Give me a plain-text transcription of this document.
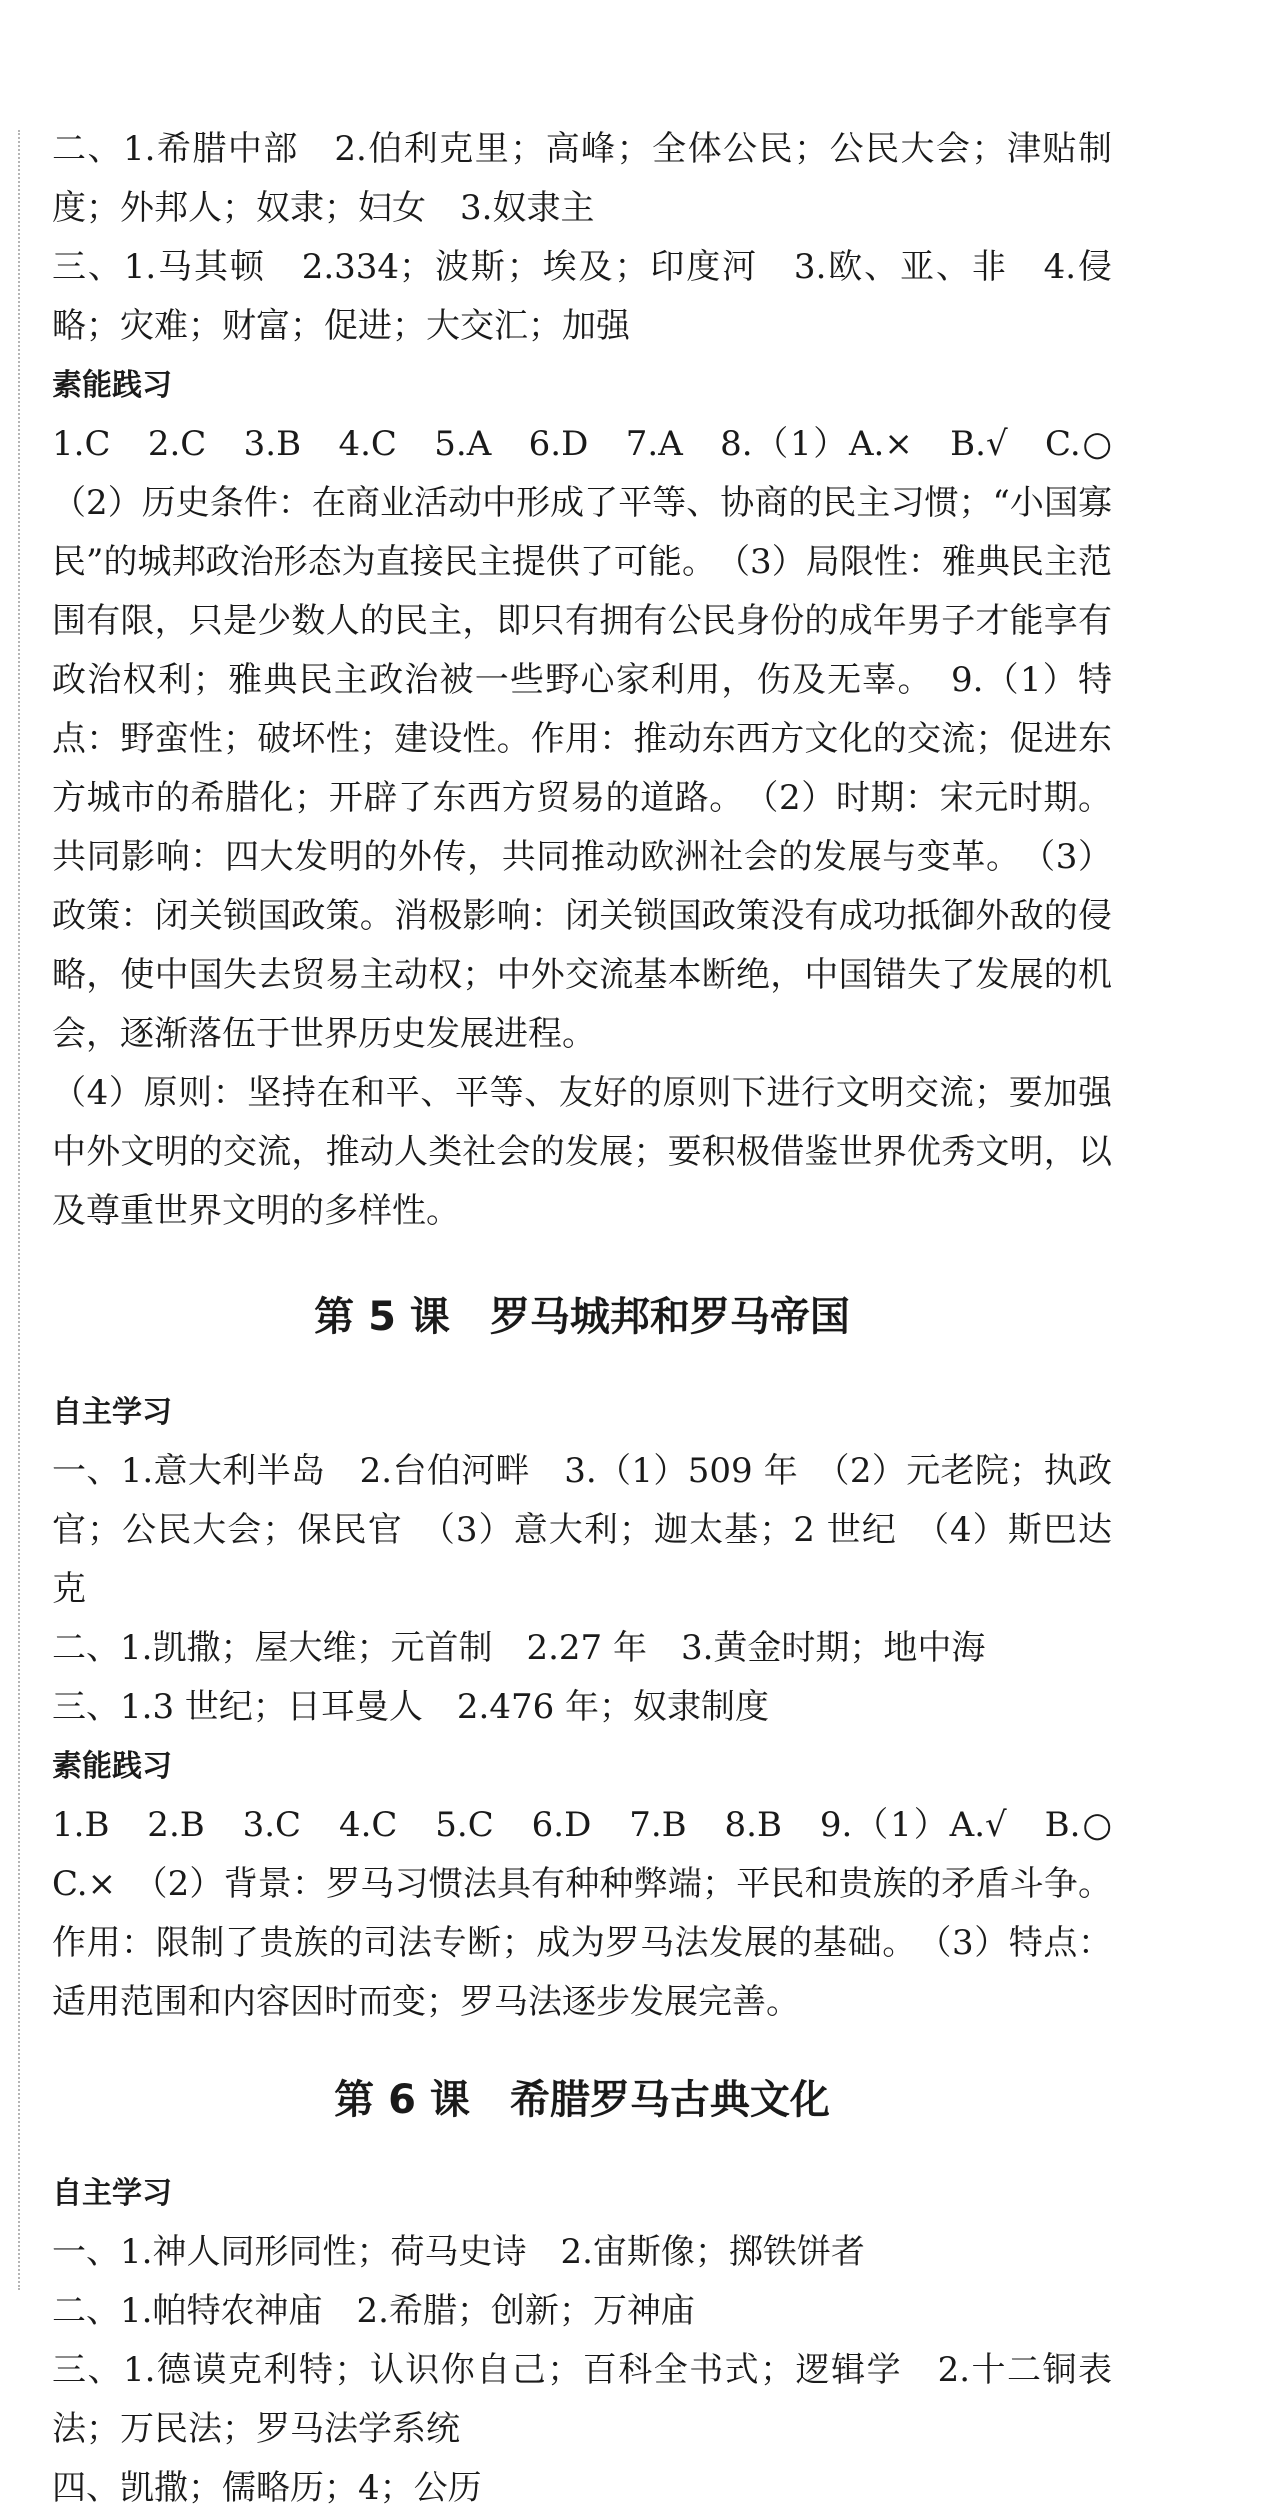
二、1.希腊中部　2.伯利克里；高峰；全体公民；公民大会；津贴制度；外邦人；奴隶；妇女　3.奴隶主

三、1.马其顿　2.334；波斯；埃及；印度河　3.欧、亚、非　4.侵略；灾难；财富；促进；大交汇；加强

素能践习

1.C　2.C　3.B　4.C　5.A　6.D　7.A　8.（1）A.×　B.√　C.○　（2）历史条件：在商业活动中形成了平等、协商的民主习惯；“小国寡民”的城邦政治形态为直接民主提供了可能。　（3）局限性：雅典民主范围有限，只是少数人的民主，即只有拥有公民身份的成年男子才能享有政治权利；雅典民主政治被一些野心家利用，伤及无辜。　9.（1）特点：野蛮性；破坏性；建设性。作用：推动东西方文化的交流；促进东方城市的希腊化；开辟了东西方贸易的道路。　（2）时期：宋元时期。共同影响：四大发明的外传，共同推动欧洲社会的发展与变革。　（3）政策：闭关锁国政策。消极影响：闭关锁国政策没有成功抵御外敌的侵略，使中国失去贸易主动权；中外交流基本断绝，中国错失了发展的机会，逐渐落伍于世界历史发展进程。

（4）原则：坚持在和平、平等、友好的原则下进行文明交流；要加强中外文明的交流，推动人类社会的发展；要积极借鉴世界优秀文明，以及尊重世界文明的多样性。

第 5 课　罗马城邦和罗马帝国

自主学习

一、1.意大利半岛　2.台伯河畔　3.（1）509 年　（2）元老院；执政官；公民大会；保民官　（3）意大利；迦太基；2 世纪　（4）斯巴达克

二、1.凯撒；屋大维；元首制　2.27 年　3.黄金时期；地中海

三、1.3 世纪；日耳曼人　2.476 年；奴隶制度

素能践习

1.B　2.B　3.C　4.C　5.C　6.D　7.B　8.B　9.（1）A.√　B.○　C.×　（2）背景：罗马习惯法具有种种弊端；平民和贵族的矛盾斗争。作用：限制了贵族的司法专断；成为罗马法发展的基础。　（3）特点：适用范围和内容因时而变；罗马法逐步发展完善。

第 6 课　希腊罗马古典文化

自主学习

一、1.神人同形同性；荷马史诗　2.宙斯像；掷铁饼者

二、1.帕特农神庙　2.希腊；创新；万神庙

三、1.德谟克利特；认识你自己；百科全书式；逻辑学　2.十二铜表法；万民法；罗马法学系统

四、凯撒；儒略历；4；公历
